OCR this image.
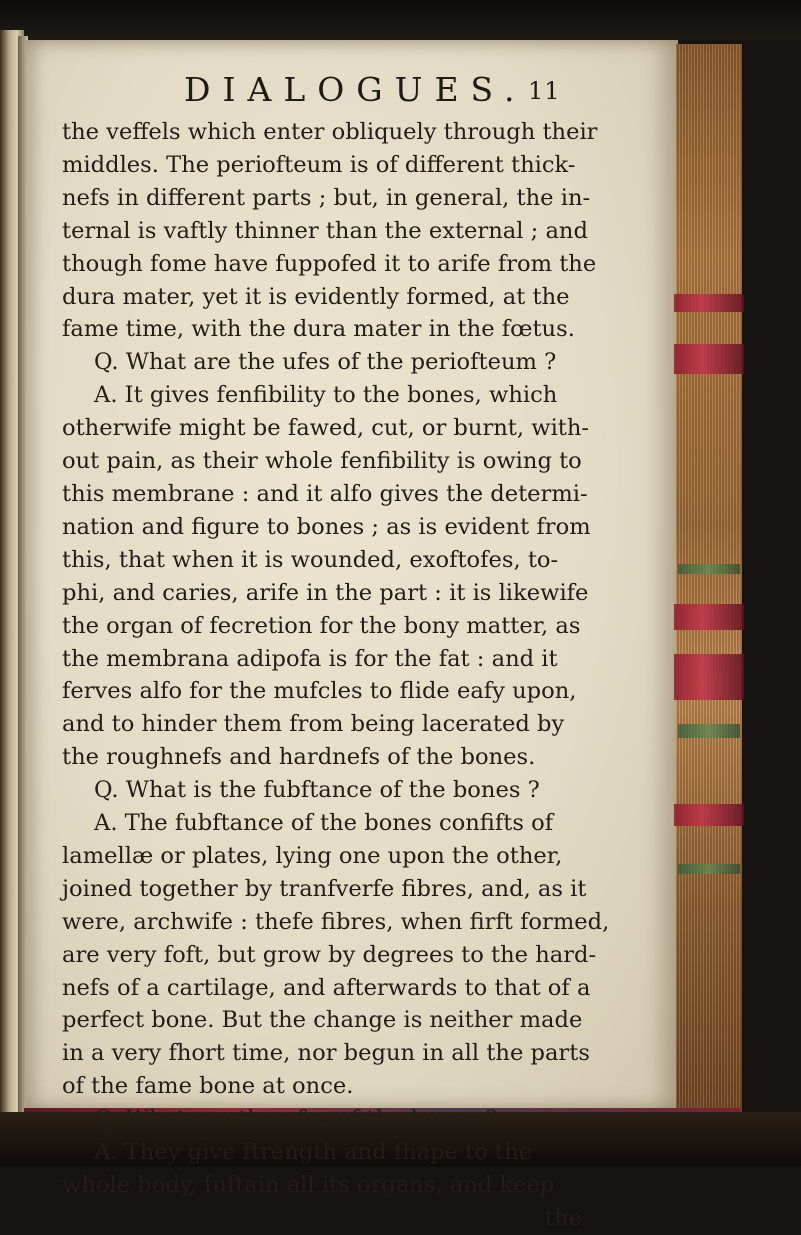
DIALOGUES. 11
the veffels which enter obliquely through their
middles. The periofteum is of different thick-
nefs in different parts ; but, in general, the in-
ternal is vaftly thinner than the external ; and
though fome have fuppofed it to arife from the
dura mater, yet it is evidently formed, at the
fame time, with the dura mater in the fœtus.
Q. What are the ufes of the periofteum ?
A. It gives fenfibility to the bones, which
otherwife might be fawed, cut, or burnt, with-
out pain, as their whole fenfibility is owing to
this membrane : and it alfo gives the determi-
nation and figure to bones ; as is evident from
this, that when it is wounded, exoftofes, to-
phi, and caries, arife in the part : it is likewife
the organ of fecretion for the bony matter, as
the membrana adipofa is for the fat : and it
ferves alfo for the mufcles to flide eafy upon,
and to hinder them from being lacerated by
the roughnefs and hardnefs of the bones.
Q. What is the fubftance of the bones ?
A. The fubftance of the bones confifts of
lamellæ or plates, lying one upon the other,
joined together by tranfverfe fibres, and, as it
were, archwife : thefe fibres, when firft formed,
are very foft, but grow by degrees to the hard-
nefs of a cartilage, and afterwards to that of a
perfect bone. But the change is neither made
in a very fhort time, nor begun in all the parts
of the fame bone at once.
Q. What are the ufes of the bones ?
A. They give ftrength and fhape to the
whole body, fuftain all its organs, and keep
the
